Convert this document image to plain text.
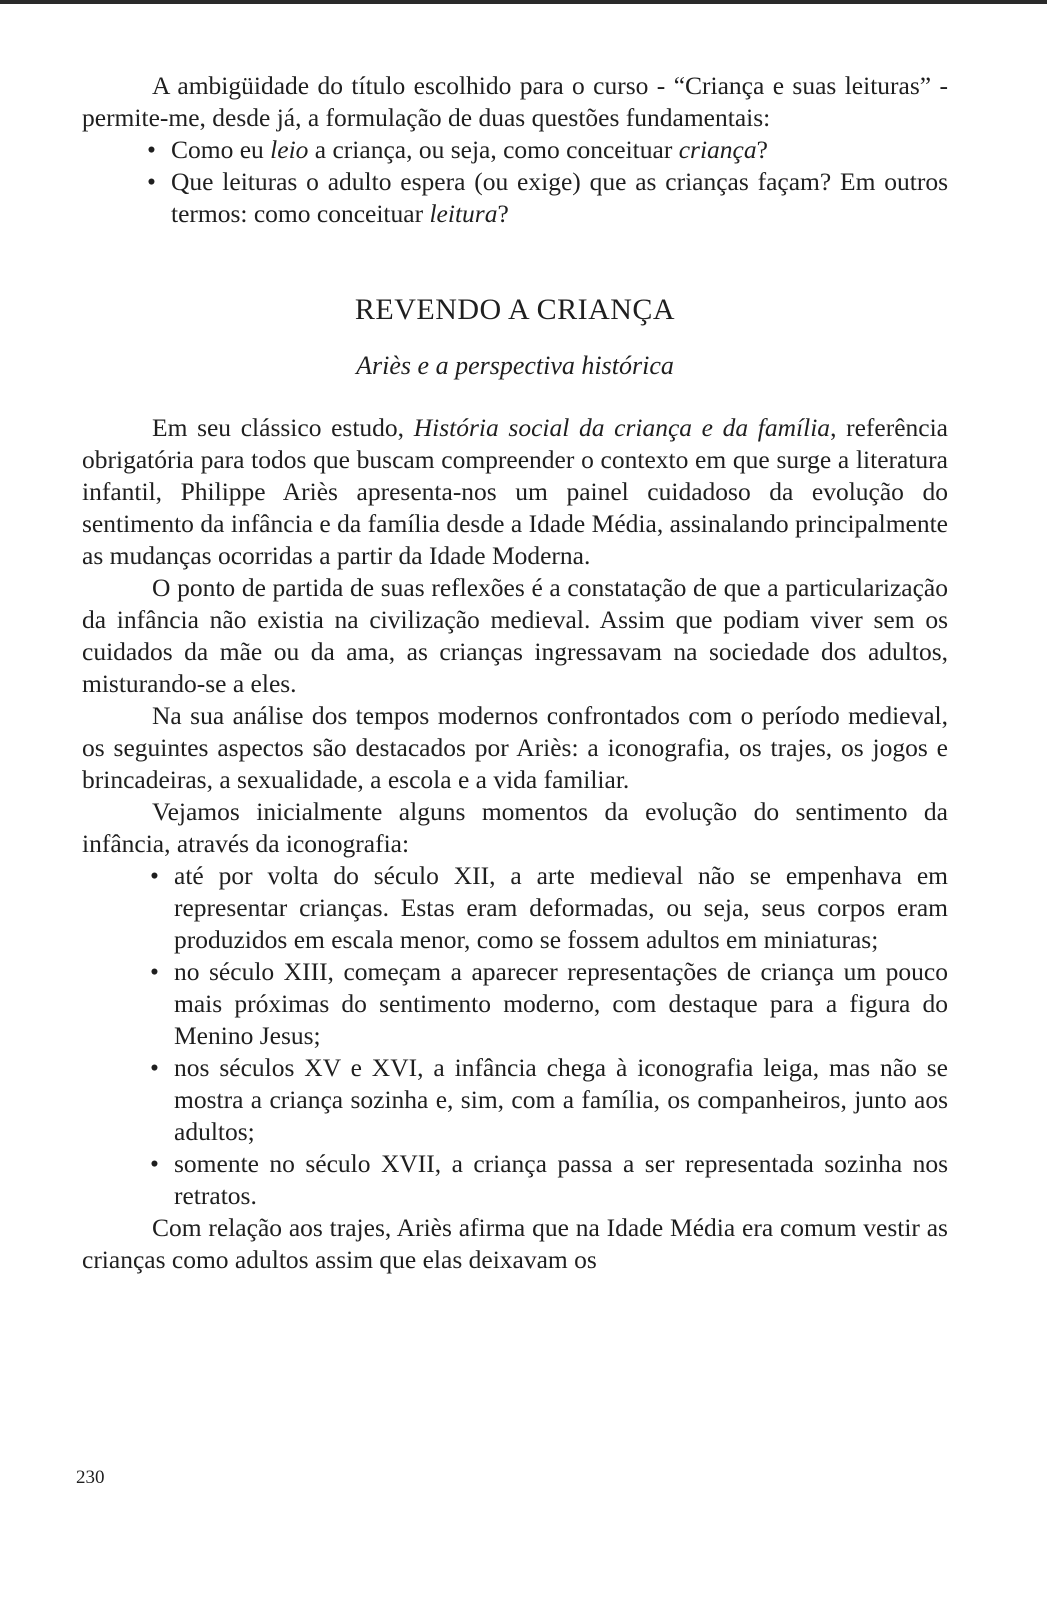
A ambigüidade do título escolhido para o curso - “Criança e suas leituras” - permite-me, desde já, a formulação de duas questões fundamentais:

• Como eu leio a criança, ou seja, como conceituar criança?
• Que leituras o adulto espera (ou exige) que as crianças façam? Em outros termos: como conceituar leitura?
REVENDO A CRIANÇA
Ariès e a perspectiva histórica

Em seu clássico estudo, História social da criança e da família, referência obrigatória para todos que buscam compreender o contexto em que surge a literatura infantil, Philippe Ariès apresenta-nos um painel cuidadoso da evolução do sentimento da infância e da família desde a Idade Média, assinalando principalmente as mudanças ocorridas a partir da Idade Moderna.

O ponto de partida de suas reflexões é a constatação de que a particularização da infância não existia na civilização medieval. Assim que podiam viver sem os cuidados da mãe ou da ama, as crianças ingressavam na sociedade dos adultos, misturando-se a eles.

Na sua análise dos tempos modernos confrontados com o período medieval, os seguintes aspectos são destacados por Ariès: a iconografia, os trajes, os jogos e brincadeiras, a sexualidade, a escola e a vida familiar.

Vejamos inicialmente alguns momentos da evolução do sentimento da infância, através da iconografia:

• até por volta do século XII, a arte medieval não se empenhava em representar crianças. Estas eram deformadas, ou seja, seus corpos eram produzidos em escala menor, como se fossem adultos em miniaturas;
• no século XIII, começam a aparecer representações de criança um pouco mais próximas do sentimento moderno, com destaque para a figura do Menino Jesus;
• nos séculos XV e XVI, a infância chega à iconografia leiga, mas não se mostra a criança sozinha e, sim, com a família, os companheiros, junto aos adultos;
• somente no século XVII, a criança passa a ser representada sozinha nos retratos.

Com relação aos trajes, Ariès afirma que na Idade Média era comum vestir as crianças como adultos assim que elas deixavam os

230
